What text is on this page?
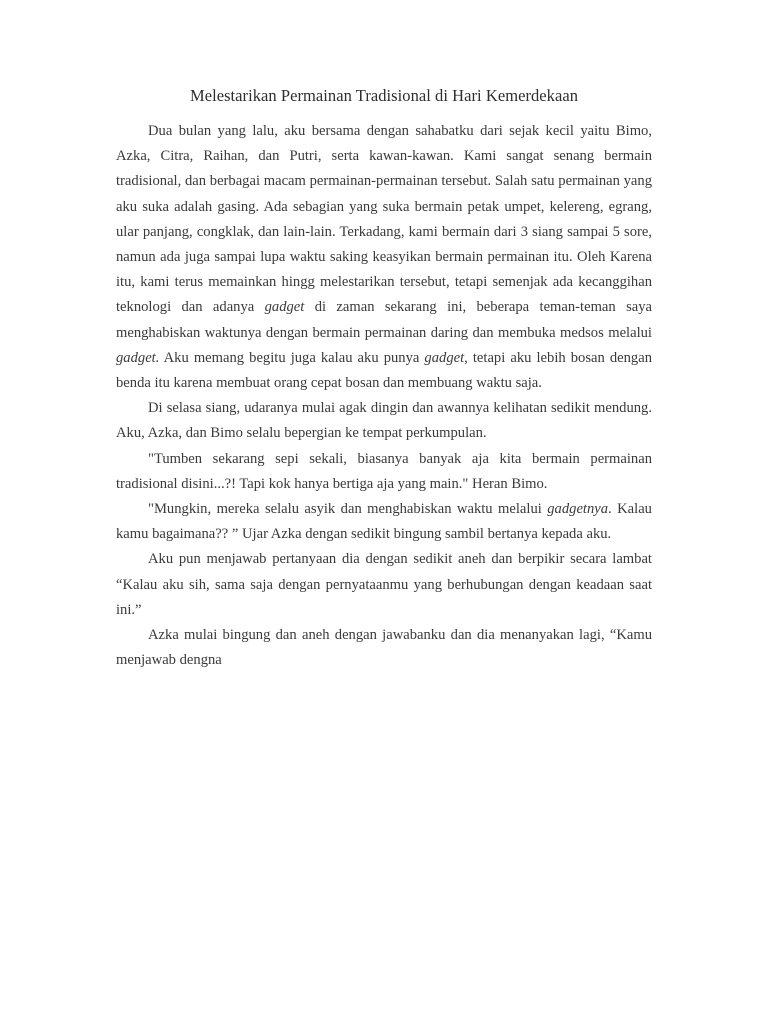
Melestarikan Permainan Tradisional di Hari Kemerdekaan

Dua bulan yang lalu, aku bersama dengan sahabatku dari sejak kecil yaitu Bimo, Azka, Citra, Raihan, dan Putri, serta kawan-kawan. Kami sangat senang bermain tradisional, dan berbagai macam permainan-permainan tersebut. Salah satu permainan yang aku suka adalah gasing. Ada sebagian yang suka bermain petak umpet, kelereng, egrang, ular panjang, congklak, dan lain-lain. Terkadang, kami bermain dari 3 siang sampai 5 sore, namun ada juga sampai lupa waktu saking keasyikan bermain permainan itu. Oleh Karena itu, kami terus memainkan hingg melestarikan tersebut, tetapi semenjak ada kecanggihan teknologi dan adanya gadget di zaman sekarang ini, beberapa teman-teman saya menghabiskan waktunya dengan bermain permainan daring dan membuka medsos melalui gadget. Aku memang begitu juga kalau aku punya gadget, tetapi aku lebih bosan dengan benda itu karena membuat orang cepat bosan dan membuang waktu saja.

Di selasa siang, udaranya mulai agak dingin dan awannya kelihatan sedikit mendung. Aku, Azka, dan Bimo selalu bepergian ke tempat perkumpulan.

"Tumben sekarang sepi sekali, biasanya banyak aja kita bermain permainan tradisional disini...?! Tapi kok hanya bertiga aja yang main." Heran Bimo.

"Mungkin, mereka selalu asyik dan menghabiskan waktu melalui gadgetnya. Kalau kamu bagaimana?? ” Ujar Azka dengan sedikit bingung sambil bertanya kepada aku.

Aku pun menjawab pertanyaan dia dengan sedikit aneh dan berpikir secara lambat “Kalau aku sih, sama saja dengan pernyataanmu yang berhubungan dengan keadaan saat ini.”

Azka mulai bingung dan aneh dengan jawabanku dan dia menanyakan lagi, “Kamu menjawab dengna
